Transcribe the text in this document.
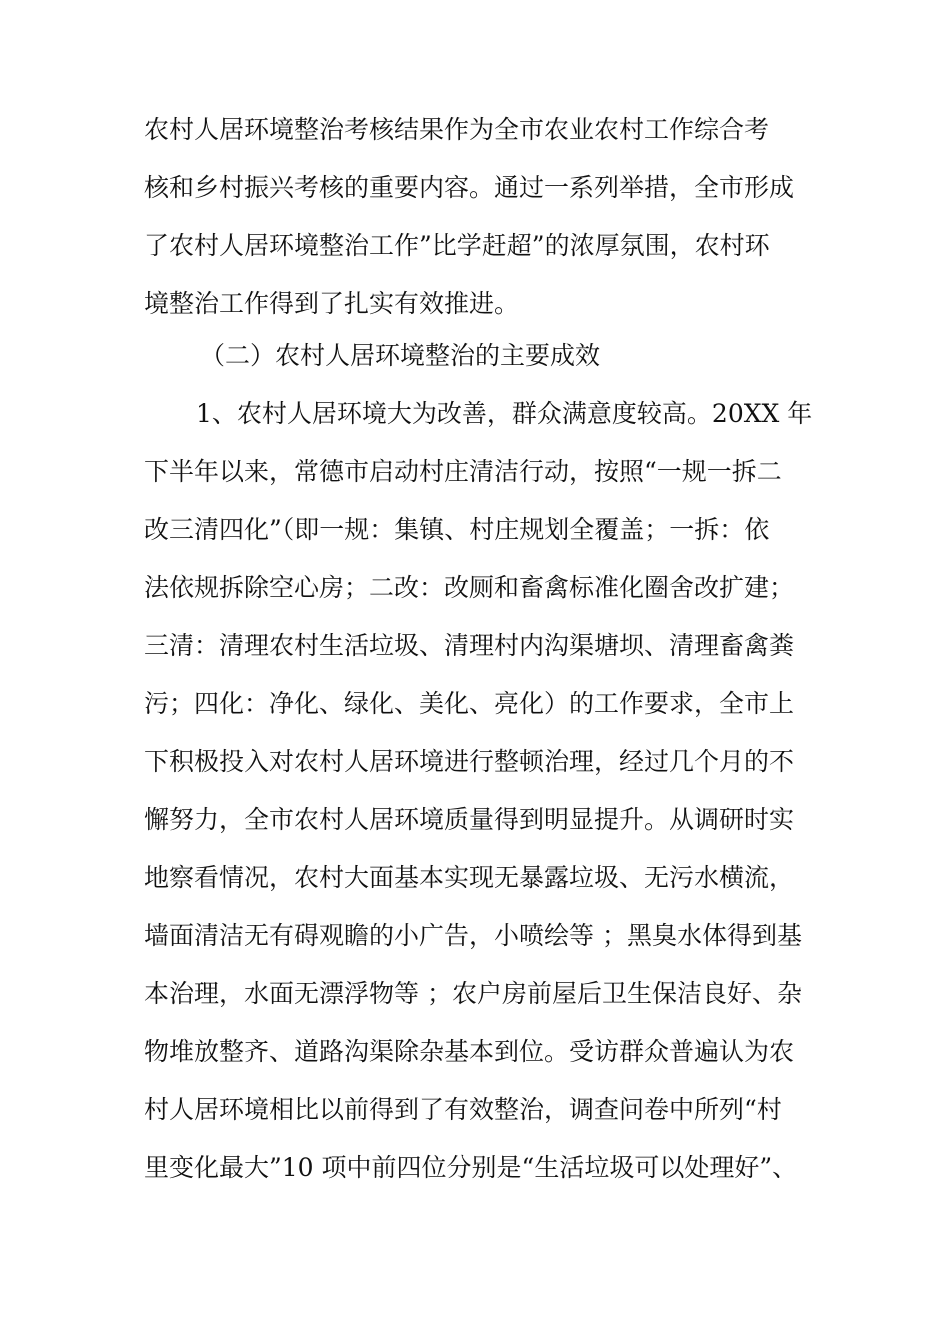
农村人居环境整治考核结果作为全市农业农村工作综合考
核和乡村振兴考核的重要内容。通过一系列举措，全市形成
了农村人居环境整治工作”比学赶超”的浓厚氛围，农村环
境整治工作得到了扎实有效推进。
（二）农村人居环境整治的主要成效
1、农村人居环境大为改善，群众满意度较高。20XX 年
下半年以来，常德市启动村庄清洁行动，按照“一规一拆二
改三清四化”（即一规：集镇、村庄规划全覆盖；一拆：依
法依规拆除空心房；二改：改厕和畜禽标准化圈舍改扩建；
三清：清理农村生活垃圾、清理村内沟渠塘坝、清理畜禽粪
污；四化：净化、绿化、美化、亮化）的工作要求，全市上
下积极投入对农村人居环境进行整顿治理，经过几个月的不
懈努力，全市农村人居环境质量得到明显提升。从调研时实
地察看情况，农村大面基本实现无暴露垃圾、无污水横流，
墙面清洁无有碍观瞻的小广告，小喷绘等 ；黑臭水体得到基
本治理，水面无漂浮物等 ；农户房前屋后卫生保洁良好、杂
物堆放整齐、道路沟渠除杂基本到位。受访群众普遍认为农
村人居环境相比以前得到了有效整治，调查问卷中所列“村
里变化最大”10 项中前四位分别是“生活垃圾可以处理好”、
